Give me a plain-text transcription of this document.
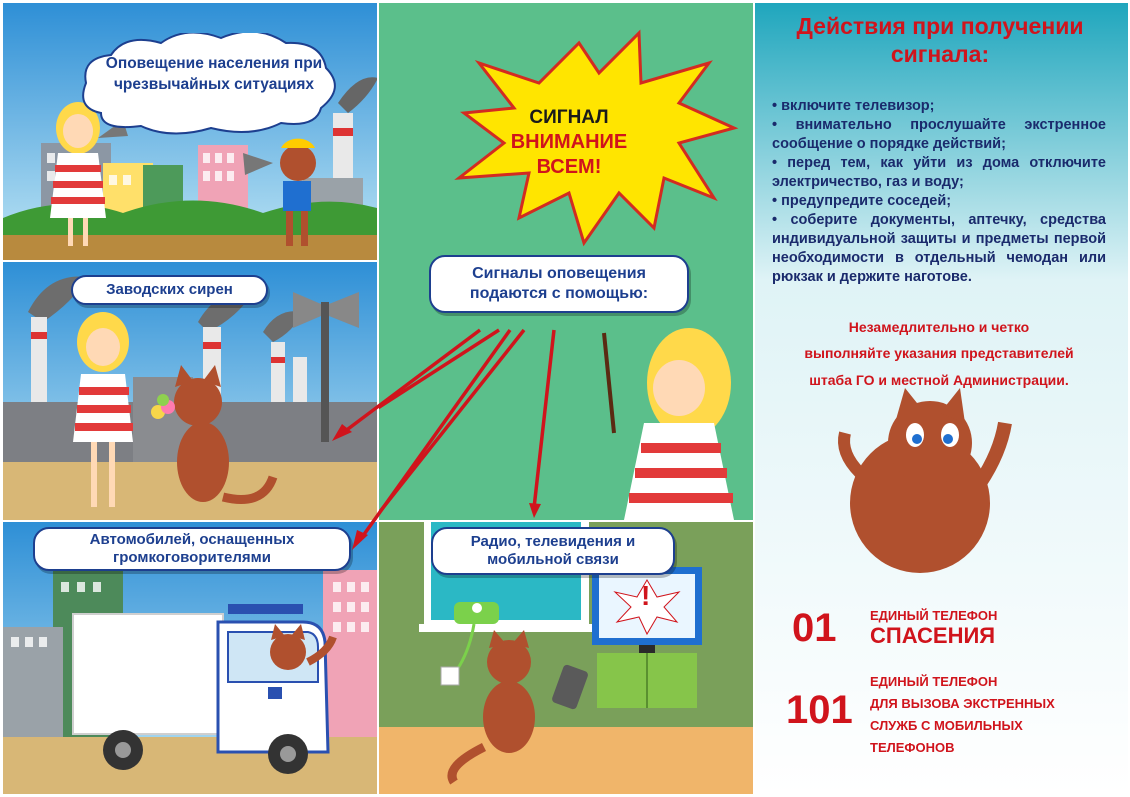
Оповещение населения при чрезвычайных ситуациях
Заводских сирен
Автомобилей, оснащенных громкоговорителями
СИГНАЛ
ВНИМАНИЕ
ВСЕМ!
Сигналы оповещения подаются с помощью:
Радио, телевидения и мобильной связи
!
Действия при получении сигнала:
• включите телевизор;
• внимательно прослушайте экстренное сообщение о порядке действий;
• перед тем, как уйти из дома отключите электричество, газ и воду;
• предупредите соседей;
• соберите документы, аптечку, средства индивидуальной защиты и предметы первой необходимости в отдельный чемодан или рюкзак и держите наготове.
Незамедлительно и четко
выполняйте указания представителей
штаба ГО и местной Администрации.
01	ЕДИНЫЙ ТЕЛЕФОН
СПАСЕНИЯ
101
ЕДИНЫЙ ТЕЛЕФОН
ДЛЯ ВЫЗОВА ЭКСТРЕННЫХ
СЛУЖБ С МОБИЛЬНЫХ
ТЕЛЕФОНОВ
